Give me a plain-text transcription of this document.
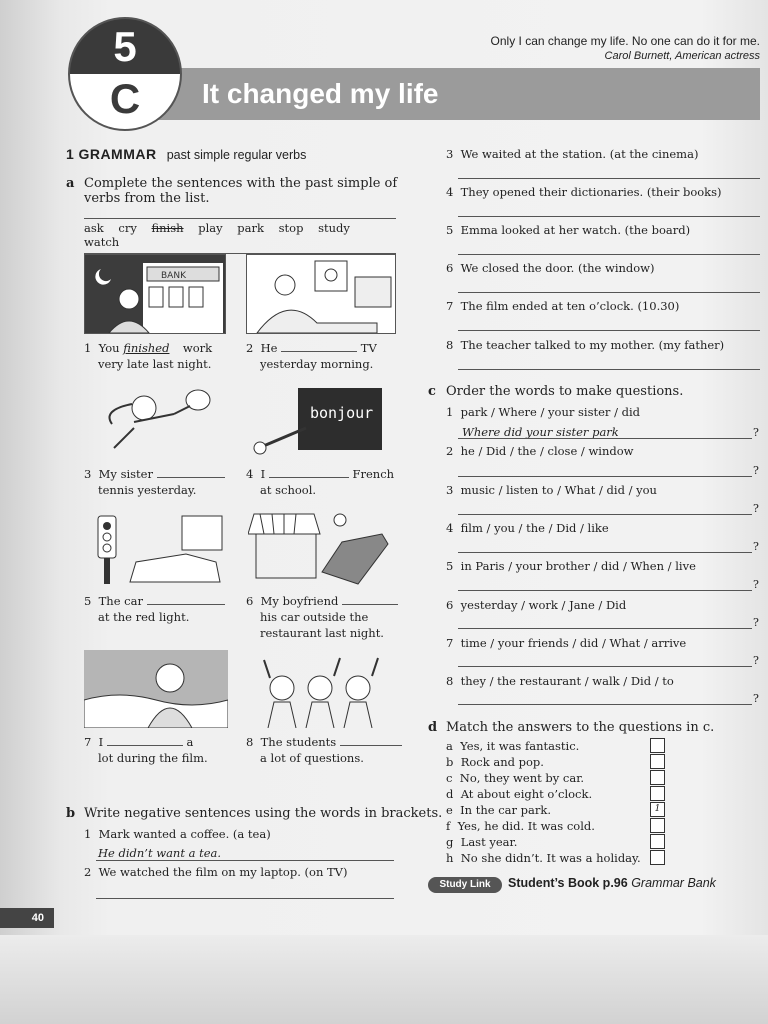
Only I can change my life. No one can do it for me.
Carol Burnett, American actress
It changed my life
5
C
1 GRAMMAR past simple regular verbs
a Complete the sentences with the past simple of verbs from the list.
ask cry finish play park stop study watch
BANK
1 You finished work
very late last night.
2 He	TV
yesterday morning.
bonjour
3 My sister
tennis yesterday.
4 I	French
at school.
5 The car
at the red light.
6 My boyfriend
his car outside the
restaurant last night.
7 I	a
lot during the film.
8 The students
a lot of questions.
b Write negative sentences using the words in brackets.
1 Mark wanted a coffee. (a tea)
He didn’t want a tea.
2 We watched the film on my laptop. (on TV)
3 We waited at the station. (at the cinema)
4 They opened their dictionaries. (their books)
5 Emma looked at her watch. (the board)
6 We closed the door. (the window)
7 The film ended at ten o’clock. (10.30)
8 The teacher talked to my mother. (my father)
c Order the words to make questions.
1 park / Where / your sister / did
Where did your sister park	?
2 he / Did / the / close / window
?
3 music / listen to / What / did / you
?
4 film / you / the / Did / like
?
5 in Paris / your brother / did / When / live
?
6 yesterday / work / Jane / Did
?
7 time / your friends / did / What / arrive
?
8 they / the restaurant / walk / Did / to
?
d Match the answers to the questions in c.
a Yes, it was fantastic.
b Rock and pop.
c No, they went by car.
d At about eight o’clock.
e In the car park.	1
f Yes, he did. It was cold.
g Last year.
h No she didn’t. It was a holiday.
Study Link	Student’s Book p.96 Grammar Bank
40
